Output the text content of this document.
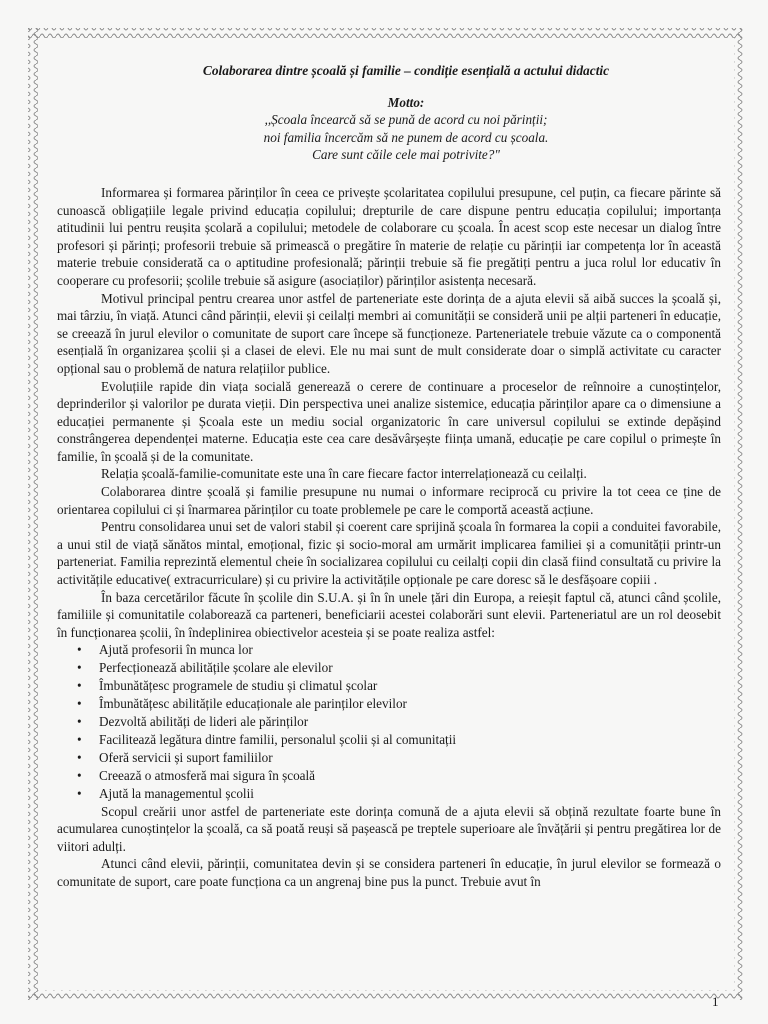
Colaborarea dintre școală și familie – condiție esențială a actului didactic

Motto:

,,Școala încearcă să se pună de acord cu noi părinții;

noi familia încercăm să ne punem de acord cu școala.

Care sunt căile cele mai potrivite?"

Informarea și formarea părinților în ceea ce privește școlaritatea copilului presupune, cel puțin, ca fiecare părinte să cunoască obligațiile legale privind educația copilului; drepturile de care dispune pentru educația copilului; importanța atitudinii lui pentru reușita școlară a copilului; metodele de colaborare cu școala. În acest scop este necesar un dialog între profesori și părinți; profesorii trebuie să primească o pregătire în materie de relație cu părinții iar competența lor în această materie trebuie considerată ca o aptitudine profesională; părinții trebuie să fie pregătiți pentru a juca rolul lor educativ în cooperare cu profesorii; școlile trebuie să asigure (asociaților) părinților asistența necesară.

Motivul principal pentru crearea unor astfel de parteneriate este dorința de a ajuta elevii să aibă succes la școală și, mai târziu, în viață. Atunci când părinții, elevii și ceilalți membri ai comunității se consideră unii pe alții parteneri în educație, se creează în jurul elevilor o comunitate de suport care începe să funcționeze. Parteneriatele trebuie văzute ca o componentă esențială în organizarea școlii și a clasei de elevi. Ele nu mai sunt de mult considerate doar o simplă activitate cu caracter opțional sau o problemă de natura relațiilor publice.

Evoluțiile rapide din viața socială generează o cerere de continuare a proceselor de reînnoire a cunoștințelor, deprinderilor și valorilor pe durata vieții. Din perspectiva unei analize sistemice, educația părinților apare ca o dimensiune a educației permanente și Școala este un mediu social organizatoric în care universul copilului se extinde depășind constrângerea dependenței materne. Educația este cea care desăvârșește ființa umană, educație pe care copilul o primește în familie, în școală și de la comunitate.

Relația școală-familie-comunitate este una în care fiecare factor interrelaționează cu ceilalți.

Colaborarea dintre școală și familie presupune nu numai o informare reciprocă cu privire la tot ceea ce ține de orientarea copilului ci și înarmarea părinților cu toate problemele pe care le comportă această acțiune.

Pentru consolidarea unui set de valori stabil și coerent care sprijină școala în formarea la copii a conduitei favorabile, a unui stil de viață sănătos mintal, emoțional, fizic și socio-moral am urmărit implicarea familiei și a comunității printr-un parteneriat. Familia reprezintă elementul cheie în socializarea copilului cu ceilalți copii din clasă fiind consultată cu privire la activitățile educative( extracurriculare) și cu privire la activitățile opționale pe care doresc să le desfășoare copiii .

În baza cercetărilor făcute în școlile din S.U.A. și în în unele țări din Europa, a reieșit faptul că, atunci când școlile, familiile și comunitatile colaborează ca parteneri, beneficiarii acestei colaborări sunt elevii. Parteneriatul are un rol deosebit în funcționarea școlii, în îndeplinirea obiectivelor acesteia și se poate realiza astfel:

• Ajută profesorii în munca lor
• Perfecționează abilitățile școlare ale elevilor
• Îmbunătățesc programele de studiu și climatul școlar
• Îmbunătățesc abilitățile educaționale ale parinților elevilor
• Dezvoltă abilități de lideri ale părinților
• Facilitează legătura dintre familii, personalul școlii și al comunitații
• Oferă servicii și suport familiilor
• Creează o atmosferă mai sigura în școală
• Ajută la managementul școlii

Scopul creării unor astfel de parteneriate este dorința comună de a ajuta elevii să obțină rezultate foarte bune în acumularea cunoștințelor la școală, ca să poată reuși să pașească pe treptele superioare ale învățării și pentru pregătirea lor de viitori adulți.

Atunci când elevii, părinții, comunitatea devin și se considera parteneri în educație, în jurul elevilor se formează o comunitate de suport, care poate funcționa ca un angrenaj bine pus la punct. Trebuie avut în

1
